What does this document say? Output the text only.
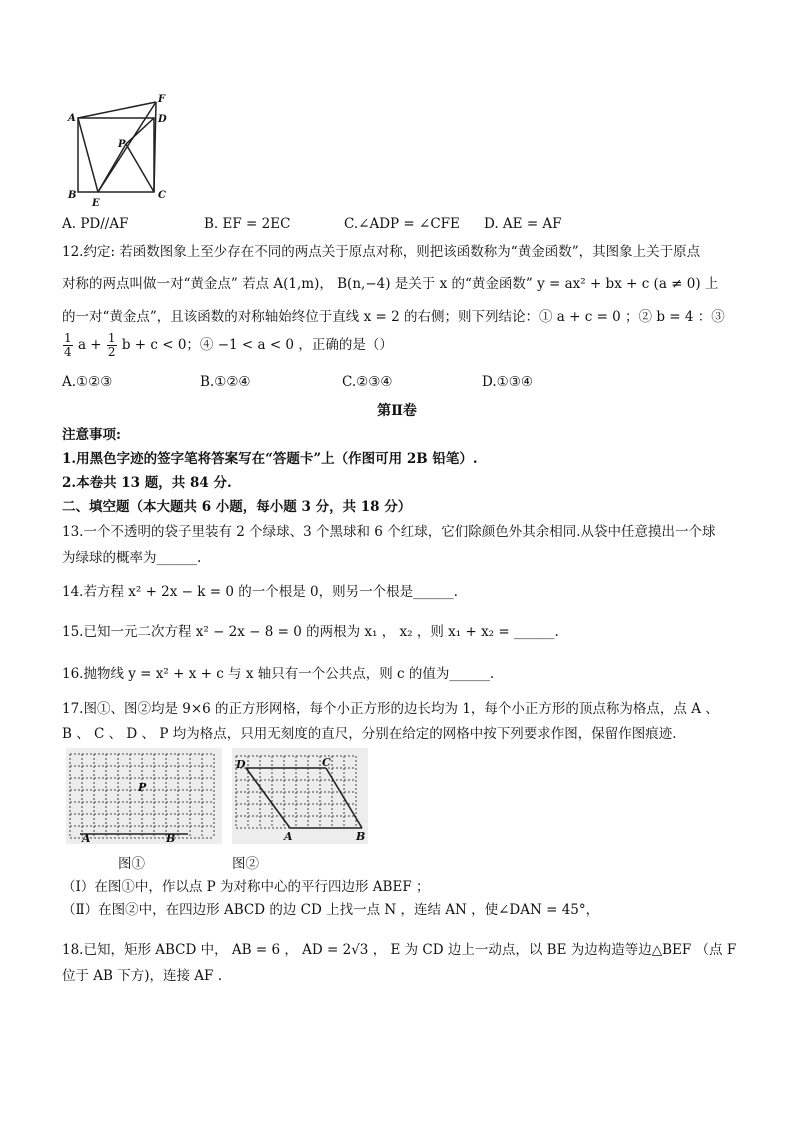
A
B	C
D
E
F
P
A. PD//AF	B. EF = 2EC	C.∠ADP = ∠CFE D. AE = AF
12.约定: 若函数图象上至少存在不同的两点关于原点对称，则把该函数称为“黄金函数”，其图象上关于原点
对称的两点叫做一对“黄金点” 若点 A(1,m)， B(n,−4) 是关于 x 的“黄金函数” y = ax² + bx + c (a ≠ 0) 上
的一对“黄金点”，且该函数的对称轴始终位于直线 x = 2 的右侧；则下列结论：① a + c = 0 ；② b = 4 ：③
$\frac{1}{4}$ $a + \frac{1}{2}$ b + c < 0；④ −1 < a < 0 ，正确的是（）
A.①②③	B.①②④	C.②③④	D.①③④
第Ⅱ卷
注意事项:
1.用黑色字迹的签字笔将答案写在“答题卡”上（作图可用 2B 铅笔）.
2.本卷共 13 题，共 84 分.
二、填空题（本大题共 6 小题，每小题 3 分，共 18 分）
13.一个不透明的袋子里装有 2 个绿球、3 个黑球和 6 个红球，它们除颜色外其余相同.从袋中任意摸出一个球
为绿球的概率为______.
14.若方程 x² + 2x − k = 0 的一个根是 0，则另一个根是______.
15.已知一元二次方程 x² − 2x − 8 = 0 的两根为 x₁ ， x₂ ，则 x₁ + x₂ = ______.
16.抛物线 y = x² + x + c 与 x 轴只有一个公共点，则 c 的值为______.
17.图①、图②均是 9×6 的正方形网格，每个小正方形的边长均为 1，每个小正方形的顶点称为格点，点 A 、
B 、 C 、 D 、 P 均为格点，只用无刻度的直尺，分别在给定的网格中按下列要求作图，保留作图痕迹.
P
A	B
D	C
A	B
图①	图②
（Ⅰ）在图①中，作以点 P 为对称中心的平行四边形 ABEF ；
（Ⅱ）在图②中，在四边形 ABCD 的边 CD 上找一点 N ，连结 AN ，使∠DAN = 45°，
18.已知，矩形 ABCD 中， AB = 6 ， AD = 2√3 ， E 为 CD 边上一动点，以 BE 为边构造等边△BEF （点 F
位于 AB 下方)，连接 AF .
